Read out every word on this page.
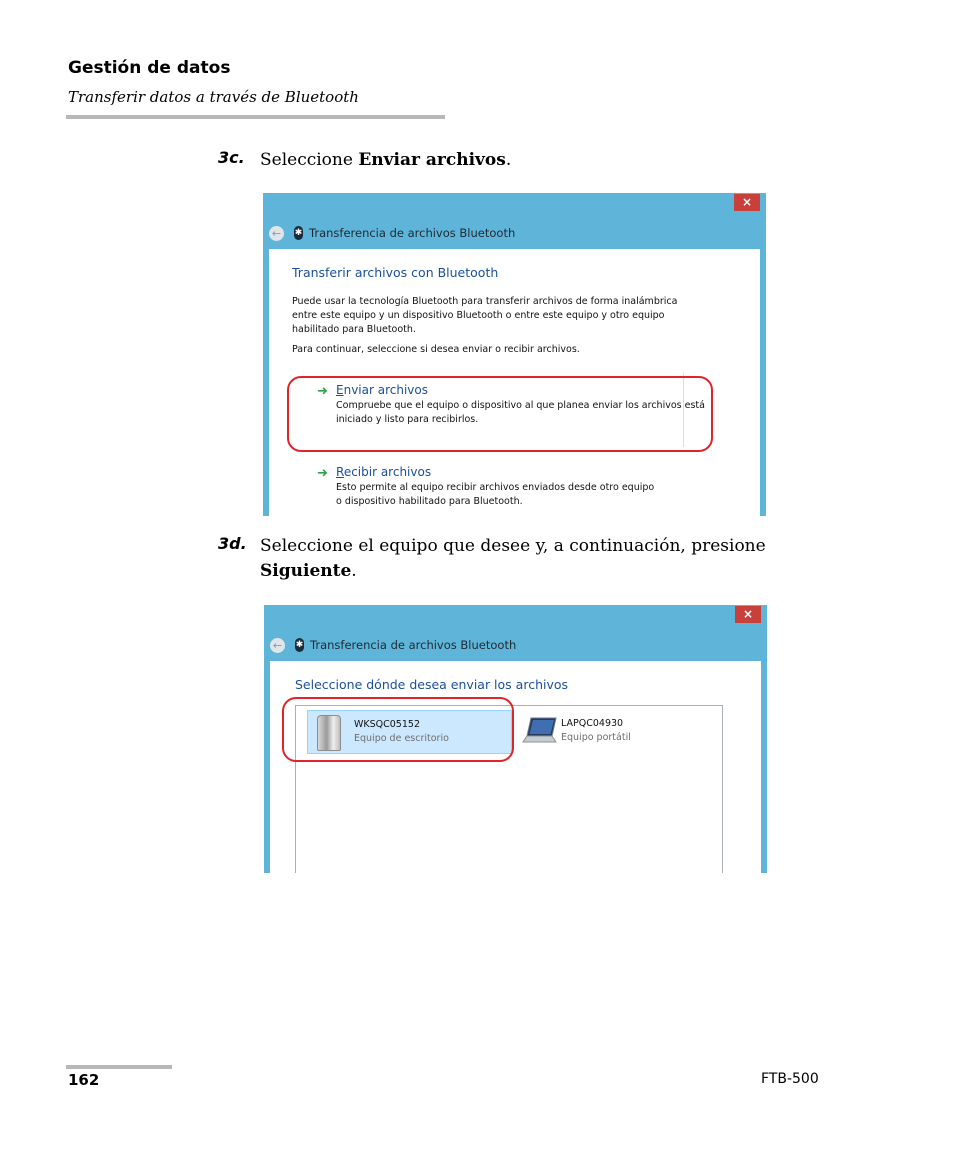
Gestión de datos
Transferir datos a través de Bluetooth
3c. Seleccione Enviar archivos.
×
←	✱ Transferencia de archivos Bluetooth
Transferir archivos con Bluetooth
Puede usar la tecnología Bluetooth para transferir archivos de forma inalámbrica entre este equipo y un dispositivo Bluetooth o entre este equipo y otro equipo habilitado para Bluetooth.
Para continuar, seleccione si desea enviar o recibir archivos.
➜ Enviar archivos
Compruebe que el equipo o dispositivo al que planea enviar los archivos está iniciado y listo para recibirlos.
➜ Recibir archivos
Esto permite al equipo recibir archivos enviados desde otro equipo o dispositivo habilitado para Bluetooth.
3d. Seleccione el equipo que desee y, a continuación, presione Siguiente.
×
←	✱ Transferencia de archivos Bluetooth
Seleccione dónde desea enviar los archivos
WKSQC05152
Equipo de escritorio
LAPQC04930
Equipo portátil
162	FTB-500
